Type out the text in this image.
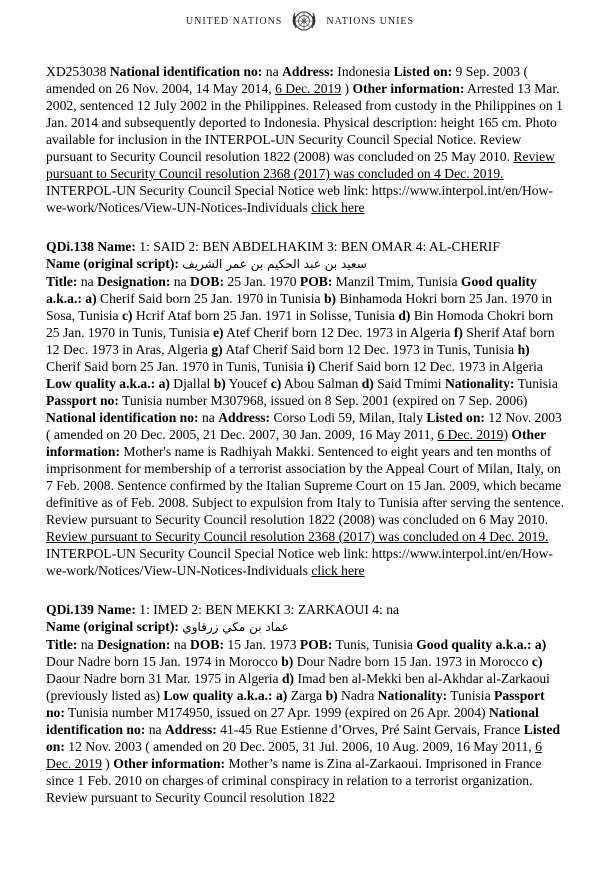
UNITED NATIONS	NATIONS UNIES

XD253038 National identification no: na Address: Indonesia Listed on: 9 Sep. 2003 ( amended on 26 Nov. 2004, 14 May 2014, 6 Dec. 2019 ) Other information: Arrested 13 Mar. 2002, sentenced 12 July 2002 in the Philippines. Released from custody in the Philippines on 1 Jan. 2014 and subsequently deported to Indonesia. Physical description: height 165 cm. Photo available for inclusion in the INTERPOL-UN Security Council Special Notice. Review pursuant to Security Council resolution 1822 (2008) was concluded on 25 May 2010. Review pursuant to Security Council resolution 2368 (2017) was concluded on 4 Dec. 2019. INTERPOL-UN Security Council Special Notice web link: https://www.interpol.int/en/How-we-work/Notices/View-UN-Notices-Individuals click here

QDi.138 Name: 1: SAID 2: BEN ABDELHAKIM 3: BEN OMAR 4: AL-CHERIF
Name (original script): سعيد بن عبد الحكيم بن عمر الشريف
Title: na Designation: na DOB: 25 Jan. 1970 POB: Manzil Tmim, Tunisia Good quality a.k.a.: a) Cherif Said born 25 Jan. 1970 in Tunisia b) Binhamoda Hokri born 25 Jan. 1970 in Sosa, Tunisia c) Hcrif Ataf born 25 Jan. 1971 in Solisse, Tunisia d) Bin Homoda Chokri born 25 Jan. 1970 in Tunis, Tunisia e) Atef Cherif born 12 Dec. 1973 in Algeria f) Sherif Ataf born 12 Dec. 1973 in Aras, Algeria g) Ataf Cherif Said born 12 Dec. 1973 in Tunis, Tunisia h) Cherif Said born 25 Jan. 1970 in Tunis, Tunisia i) Cherif Said born 12 Dec. 1973 in Algeria Low quality a.k.a.: a) Djallal b) Youcef c) Abou Salman d) Said Tmimi Nationality: Tunisia Passport no: Tunisia number M307968, issued on 8 Sep. 2001 (expired on 7 Sep. 2006) National identification no: na Address: Corso Lodi 59, Milan, Italy Listed on: 12 Nov. 2003 ( amended on 20 Dec. 2005, 21 Dec. 2007, 30 Jan. 2009, 16 May 2011, 6 Dec. 2019) Other information: Mother's name is Radhiyah Makki. Sentenced to eight years and ten months of imprisonment for membership of a terrorist association by the Appeal Court of Milan, Italy, on 7 Feb. 2008. Sentence confirmed by the Italian Supreme Court on 15 Jan. 2009, which became definitive as of Feb. 2008. Subject to expulsion from Italy to Tunisia after serving the sentence. Review pursuant to Security Council resolution 1822 (2008) was concluded on 6 May 2010. Review pursuant to Security Council resolution 2368 (2017) was concluded on 4 Dec. 2019. INTERPOL-UN Security Council Special Notice web link: https://www.interpol.int/en/How-we-work/Notices/View-UN-Notices-Individuals click here

QDi.139 Name: 1: IMED 2: BEN MEKKI 3: ZARKAOUI 4: na
Name (original script): عماد بن مكي زرقاوي
Title: na Designation: na DOB: 15 Jan. 1973 POB: Tunis, Tunisia Good quality a.k.a.: a) Dour Nadre born 15 Jan. 1974 in Morocco b) Dour Nadre born 15 Jan. 1973 in Morocco c) Daour Nadre born 31 Mar. 1975 in Algeria d) Imad ben al-Mekki ben al-Akhdar al-Zarkaoui (previously listed as) Low quality a.k.a.: a) Zarga b) Nadra Nationality: Tunisia Passport no: Tunisia number M174950, issued on 27 Apr. 1999 (expired on 26 Apr. 2004) National identification no: na Address: 41-45 Rue Estienne d’Orves, Pré Saint Gervais, France Listed on: 12 Nov. 2003 ( amended on 20 Dec. 2005, 31 Jul. 2006, 10 Aug. 2009, 16 May 2011, 6 Dec. 2019 ) Other information: Mother’s name is Zina al-Zarkaoui. Imprisoned in France since 1 Feb. 2010 on charges of criminal conspiracy in relation to a terrorist organization. Review pursuant to Security Council resolution 1822
